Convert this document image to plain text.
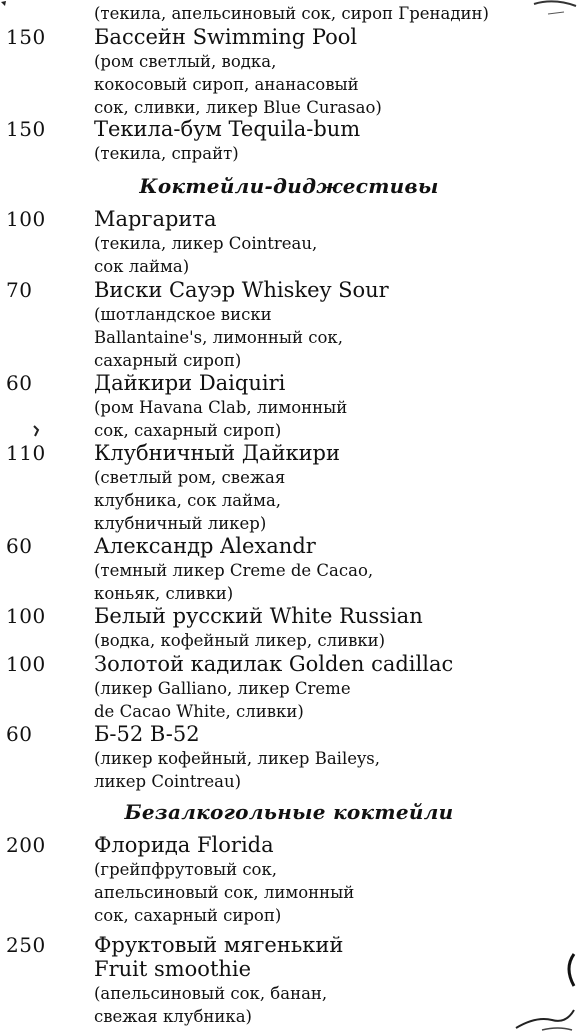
(текила, апельсиновый сок, сироп Гренадин)
150 Бассейн Swimming Pool
(ром светлый, водка,
кокосовый сироп, ананасовый
сок, сливки, ликер Blue Curasao)
150 Текила-бум Tequila-bum
(текила, спрайт)
Коктейли-диджестивы
100 Маргарита
(текила, ликер Cointreau,
сок лайма)
70	Виски Сауэр Whiskey Sour
(шотландское виски
Ballantaine's, лимонный сок,
сахарный сироп)
60	Дайкири Daiquiri
(ром Havana Clab, лимонный
сок, сахарный сироп)
110 Клубничный Дайкири
(светлый ром, свежая
клубника, сок лайма,
клубничный ликер)
60	Александр Alexandr
(темный ликер Creme de Cacao,
коньяк, сливки)
100 Белый русский White Russian
(водка, кофейный ликер, сливки)
100 Золотой кадилак Golden cadillac
(ликер Galliano, ликер Creme
de Cacao White, сливки)
60	Б-52 B-52
(ликер кофейный, ликер Baileys,
ликер Cointreau)
Безалкогольные коктейли
200 Флорида Florida
(грейпфрутовый сок,
апельсиновый сок, лимонный
сок, сахарный сироп)
250 Фруктовый мягенький
Fruit smoothie
(апельсиновый сок, банан,
свежая клубника)
